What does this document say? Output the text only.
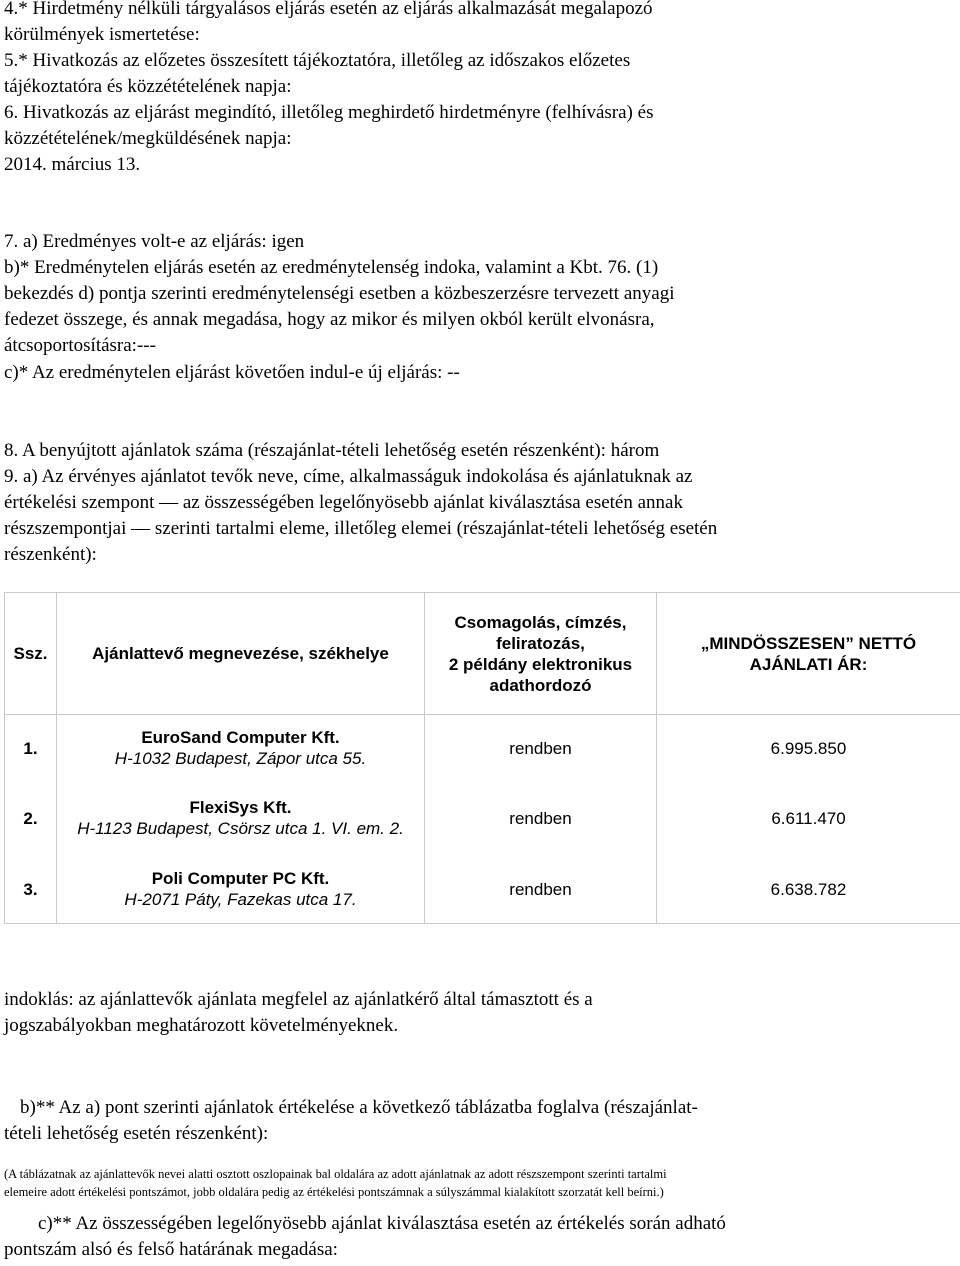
4.* Hirdetmény nélküli tárgyalásos eljárás esetén az eljárás alkalmazását megalapozó
körülmények ismertetése:
5.* Hivatkozás az előzetes összesített tájékoztatóra, illetőleg az időszakos előzetes
tájékoztatóra és közzétételének napja:
6. Hivatkozás az eljárást megindító, illetőleg meghirdető hirdetményre (felhívásra) és
közzétételének/megküldésének napja:
2014. március 13.
7. a) Eredményes volt-e az eljárás: igen
b)* Eredménytelen eljárás esetén az eredménytelenség indoka, valamint a Kbt. 76. (1)
bekezdés d) pontja szerinti eredménytelenségi esetben a közbeszerzésre tervezett anyagi
fedezet összege, és annak megadása, hogy az mikor és milyen okból került elvonásra,
átcsoportosításra:---
c)* Az eredménytelen eljárást követően indul-e új eljárás: --
8. A benyújtott ajánlatok száma (részajánlat-tételi lehetőség esetén részenként): három
9. a) Az érvényes ajánlatot tevők neve, címe, alkalmasságuk indokolása és ajánlatuknak az
értékelési szempont — az összességében legelőnyösebb ajánlat kiválasztása esetén annak
részszempontjai — szerinti tartalmi eleme, illetőleg elemei (részajánlat-tételi lehetőség esetén
részenként):
Ssz.	Ajánlattevő megnevezése, székhelye	Csomagolás, címzés,
feliratozás,
2 példány elektronikus
adathordozó	„MINDÖSSZESEN” NETTÓ
AJÁNLATI ÁR:

1.	EuroSand Computer Kft.
H-1032 Budapest, Zápor utca 55.	rendben	6.995.850
2.	FlexiSys Kft.
H-1123 Budapest, Csörsz utca 1. VI. em. 2.	rendben	6.611.470
3.	Poli Computer PC Kft.
H-2071 Páty, Fazekas utca 17.	rendben	6.638.782
indoklás: az ajánlattevők ajánlata megfelel az ajánlatkérő által támasztott és a
jogszabályokban meghatározott követelményeknek.
b)** Az a) pont szerinti ajánlatok értékelése a következő táblázatba foglalva (részajánlat-
tételi lehetőség esetén részenként):
(A táblázatnak az ajánlattevők nevei alatti osztott oszlopainak bal oldalára az adott ajánlatnak az adott részszempont szerinti tartalmi
elemeire adott értékelési pontszámot, jobb oldalára pedig az értékelési pontszámnak a súlyszámmal kialakított szorzatát kell beírni.)
c)** Az összességében legelőnyösebb ajánlat kiválasztása esetén az értékelés során adható
pontszám alsó és felső határának megadása:
